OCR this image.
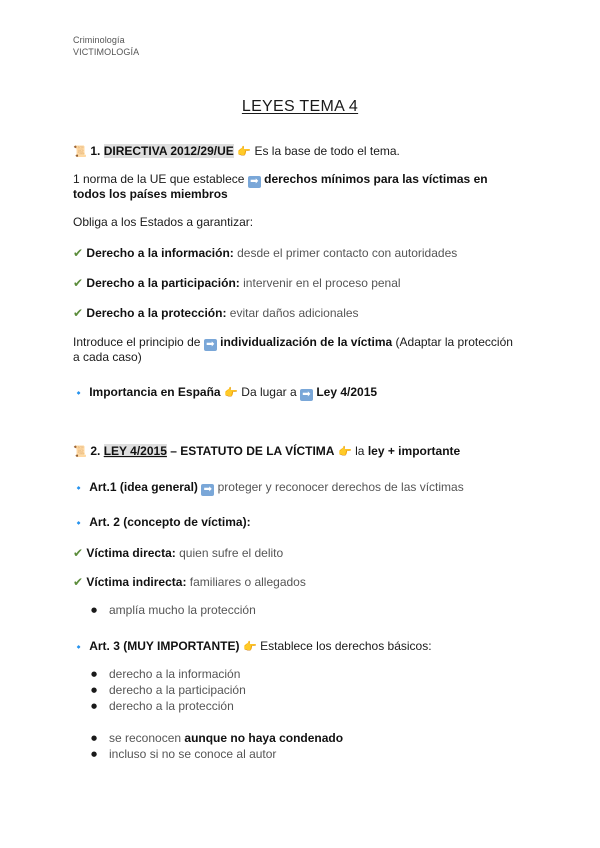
Criminología
VICTIMOLOGÍA
LEYES TEMA 4
📜 1. DIRECTIVA 2012/29/UE 👉 Es la base de todo el tema.
1 norma de la UE que establece ➡ derechos mínimos para las víctimas en
todos los países miembros
Obliga a los Estados a garantizar:
✔ Derecho a la información: desde el primer contacto con autoridades
✔ Derecho a la participación: intervenir en el proceso penal
✔ Derecho a la protección: evitar daños adicionales
Introduce el principio de ➡ individualización de la víctima (Adaptar la protección
a cada caso)
🔹 Importancia en España 👉 Da lugar a ➡ Ley 4/2015
📜 2. LEY 4/2015 – ESTATUTO DE LA VÍCTIMA 👉 la ley + importante
🔹 Art.1 (idea general) ➡ proteger y reconocer derechos de las víctimas
🔹 Art. 2 (concepto de víctima):
✔ Víctima directa: quien sufre el delito
✔ Víctima indirecta: familiares o allegados
● amplía mucho la protección
🔹 Art. 3 (MUY IMPORTANTE) 👉 Establece los derechos básicos:
● derecho a la información
● derecho a la participación
● derecho a la protección
● se reconocen aunque no haya condenado
● incluso si no se conoce al autor
